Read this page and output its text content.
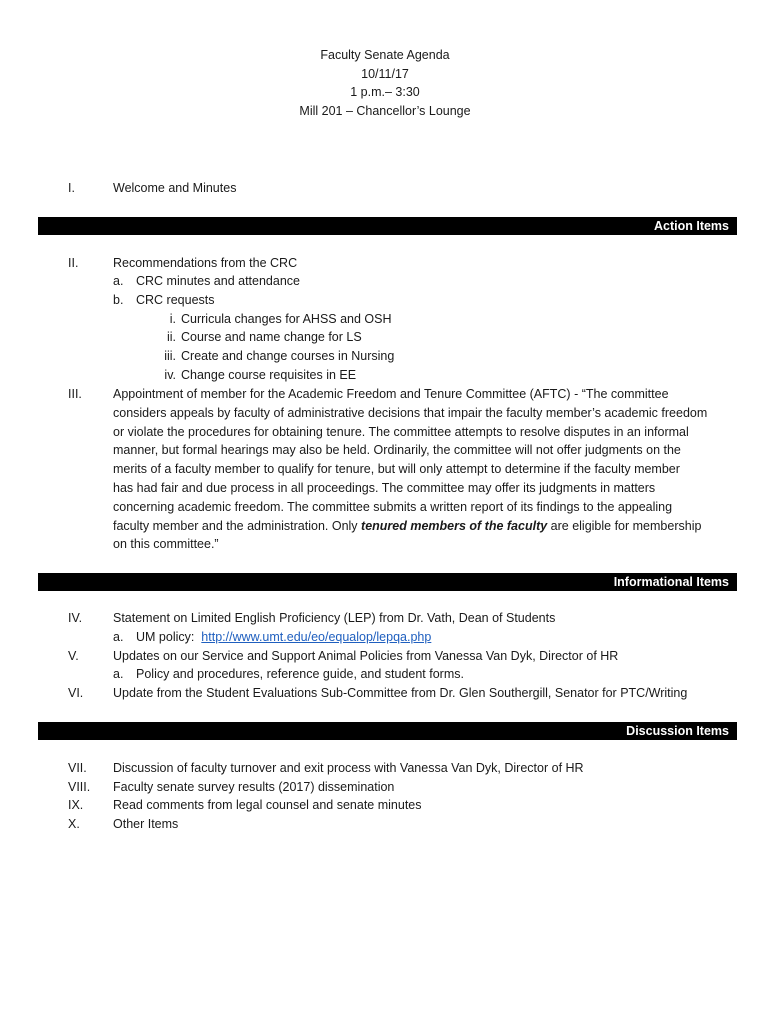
Faculty Senate Agenda
10/11/17
1 p.m.– 3:30
Mill 201 – Chancellor’s Lounge
I.	Welcome and Minutes
Action Items
II.	Recommendations from the CRC
a. CRC minutes and attendance
b. CRC requests
i. Curricula changes for AHSS and OSH
ii. Course and name change for LS
iii. Create and change courses in Nursing
iv. Change course requisites in EE
III. Appointment of member for the Academic Freedom and Tenure Committee (AFTC) - “The committee
considers appeals by faculty of administrative decisions that impair the faculty member’s academic freedom
or violate the procedures for obtaining tenure. The committee attempts to resolve disputes in an informal
manner, but formal hearings may also be held. Ordinarily, the committee will not offer judgments on the
merits of a faculty member to qualify for tenure, but will only attempt to determine if the faculty member
has had fair and due process in all proceedings. The committee may offer its judgments in matters
concerning academic freedom. The committee submits a written report of its findings to the appealing
faculty member and the administration. Only tenured members of the faculty are eligible for membership
on this committee.”
Informational Items
IV. Statement on Limited English Proficiency (LEP) from Dr. Vath, Dean of Students
a. UM policy: http://www.umt.edu/eo/equalop/lepqa.php
V.	Updates on our Service and Support Animal Policies from Vanessa Van Dyk, Director of HR
a. Policy and procedures, reference guide, and student forms.
VI. Update from the Student Evaluations Sub-Committee from Dr. Glen Southergill, Senator for PTC/Writing
Discussion Items
VII. Discussion of faculty turnover and exit process with Vanessa Van Dyk, Director of HR
VIII. Faculty senate survey results (2017) dissemination
IX. Read comments from legal counsel and senate minutes
X.	Other Items
